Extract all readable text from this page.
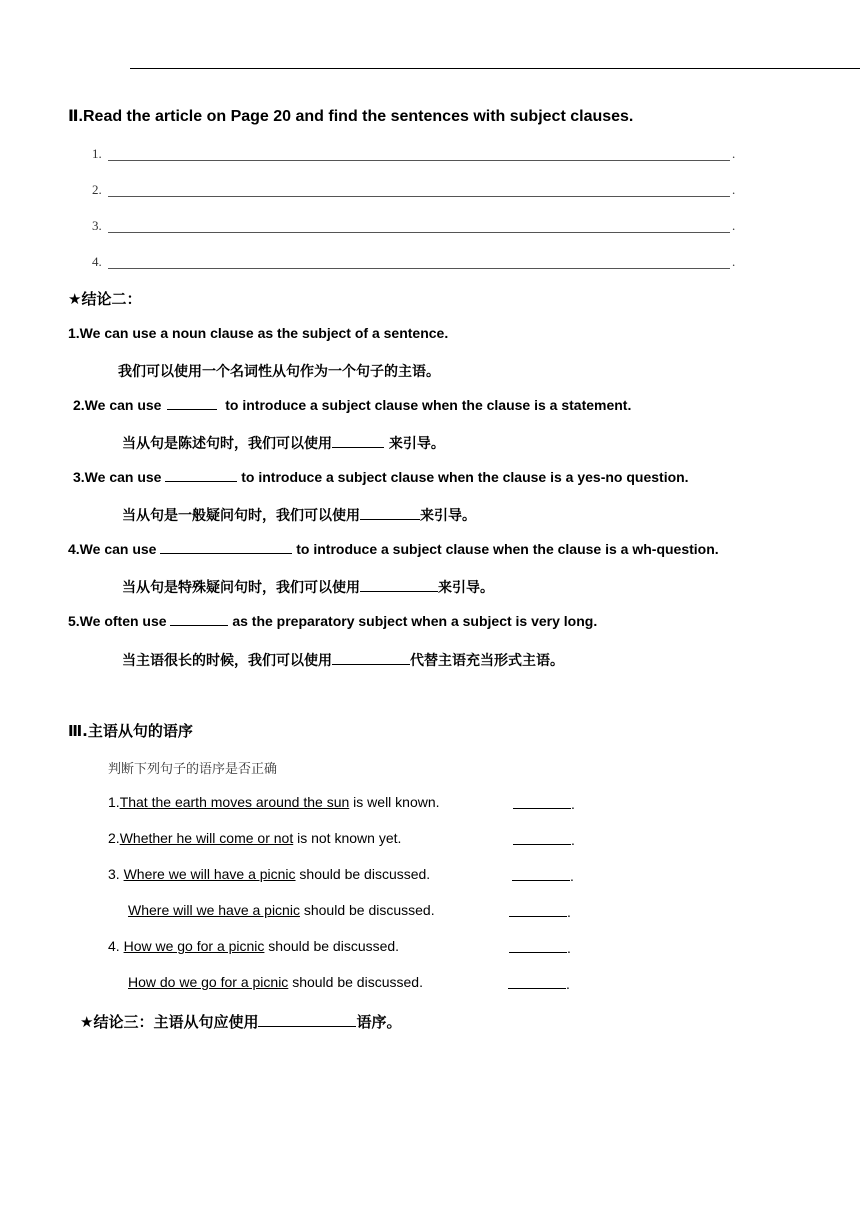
Ⅱ.Read the article on Page 20 and find the sentences with subject clauses.
1.	.
2.	.
3.	.
4.	.
★结论二：
1.We can use a noun clause as the subject of a sentence.
我们可以使用一个名词性从句作为一个句子的主语。
2.We can use	to introduce a subject clause when the clause is a statement.
当从句是陈述句时，我们可以使用	来引导。
3.We can use	to introduce a subject clause when the clause is a yes-no question.
当从句是一般疑问句时，我们可以使用	来引导。
4.We can use	to introduce a subject clause when the clause is a wh-question.
当从句是特殊疑问句时，我们可以使用	来引导。
5.We often use	as the preparatory subject when a subject is very long.
当主语很长的时候，我们可以使用	代替主语充当形式主语。
Ⅲ.主语从句的语序
判断下列句子的语序是否正确
1.That the earth moves around the sun is well known.	.
2.Whether he will come or not is not known yet.	.
3. Where we will have a picnic should be discussed.	.
Where will we have a picnic should be discussed.	.
4. How we go for a picnic should be discussed.	.
How do we go for a picnic should be discussed.	.
★结论三：主语从句应使用	语序。
